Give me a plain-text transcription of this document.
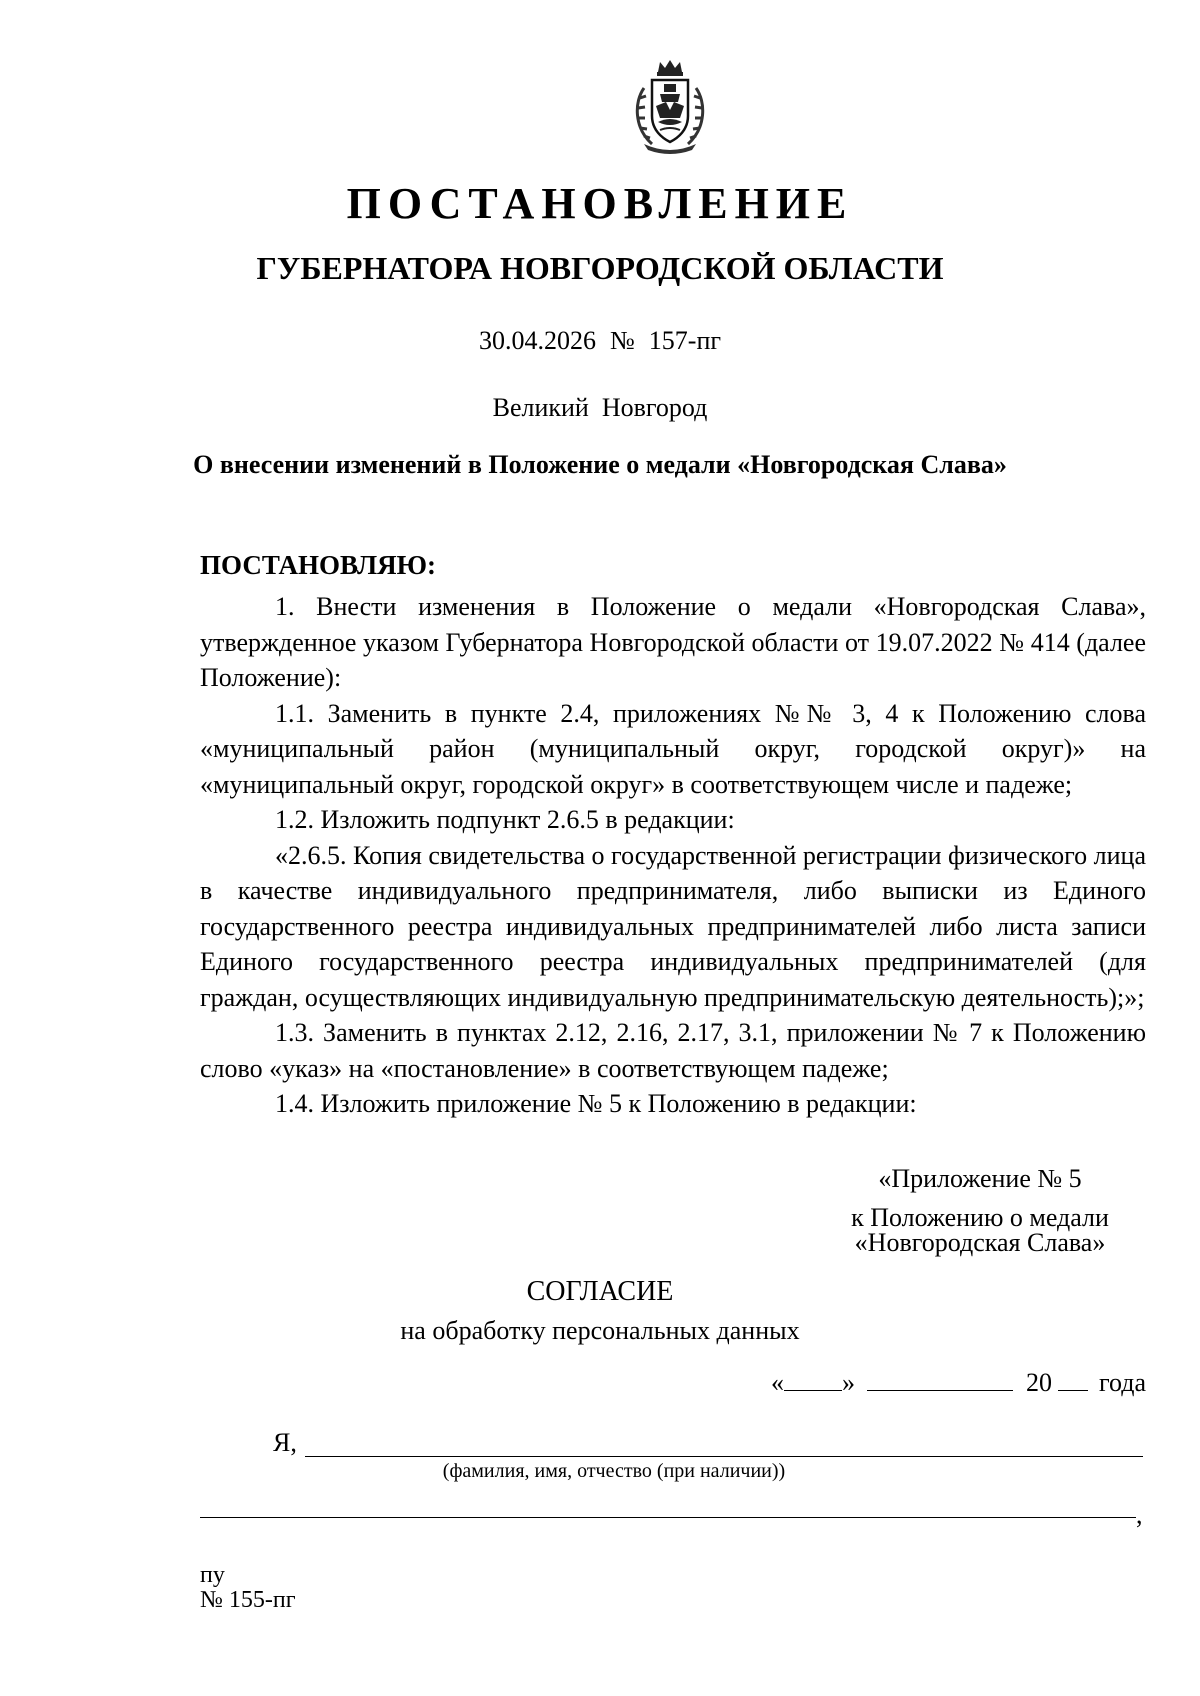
ПОСТАНОВЛЕНИЕ
ГУБЕРНАТОРА НОВГОРОДСКОЙ ОБЛАСТИ
30.04.2026 № 157-пг
Великий  Новгород
О внесении изменений в Положение о медали «Новгородская Слава»
ПОСТАНОВЛЯЮ:

1. Внести изменения в Положение о медали «Новгородская Слава», утвержденное указом Губернатора Новгородской области от 19.07.2022 № 414 (далее Положение):

1.1. Заменить в пункте 2.4, приложениях №№ 3, 4 к Положению слова «муниципальный район (муниципальный округ, городской округ)» на «муниципальный округ, городской округ» в соответствующем числе и падеже;

1.2. Изложить подпункт 2.6.5 в редакции:

«2.6.5. Копия свидетельства о государственной регистрации физического лица в качестве индивидуального предпринимателя, либо выписки из Единого государственного реестра индивидуальных предпринимателей либо листа записи Единого государственного реестра индивидуальных предпринимателей (для граждан, осуществляющих индивидуальную предпринимательскую деятельность);»;

1.3. Заменить в пунктах 2.12, 2.16, 2.17, 3.1, приложении № 7 к Положению слово «указ» на «постановление» в соответствующем падеже;

1.4. Изложить приложение № 5 к Положению в редакции:

«Приложение № 5
к Положению о медали
«Новгородская Слава»
СОГЛАСИЕ
на обработку персональных данных
« »	20 года
Я,
(фамилия, имя, отчество (при наличии))
,
пу
№ 155-пг
